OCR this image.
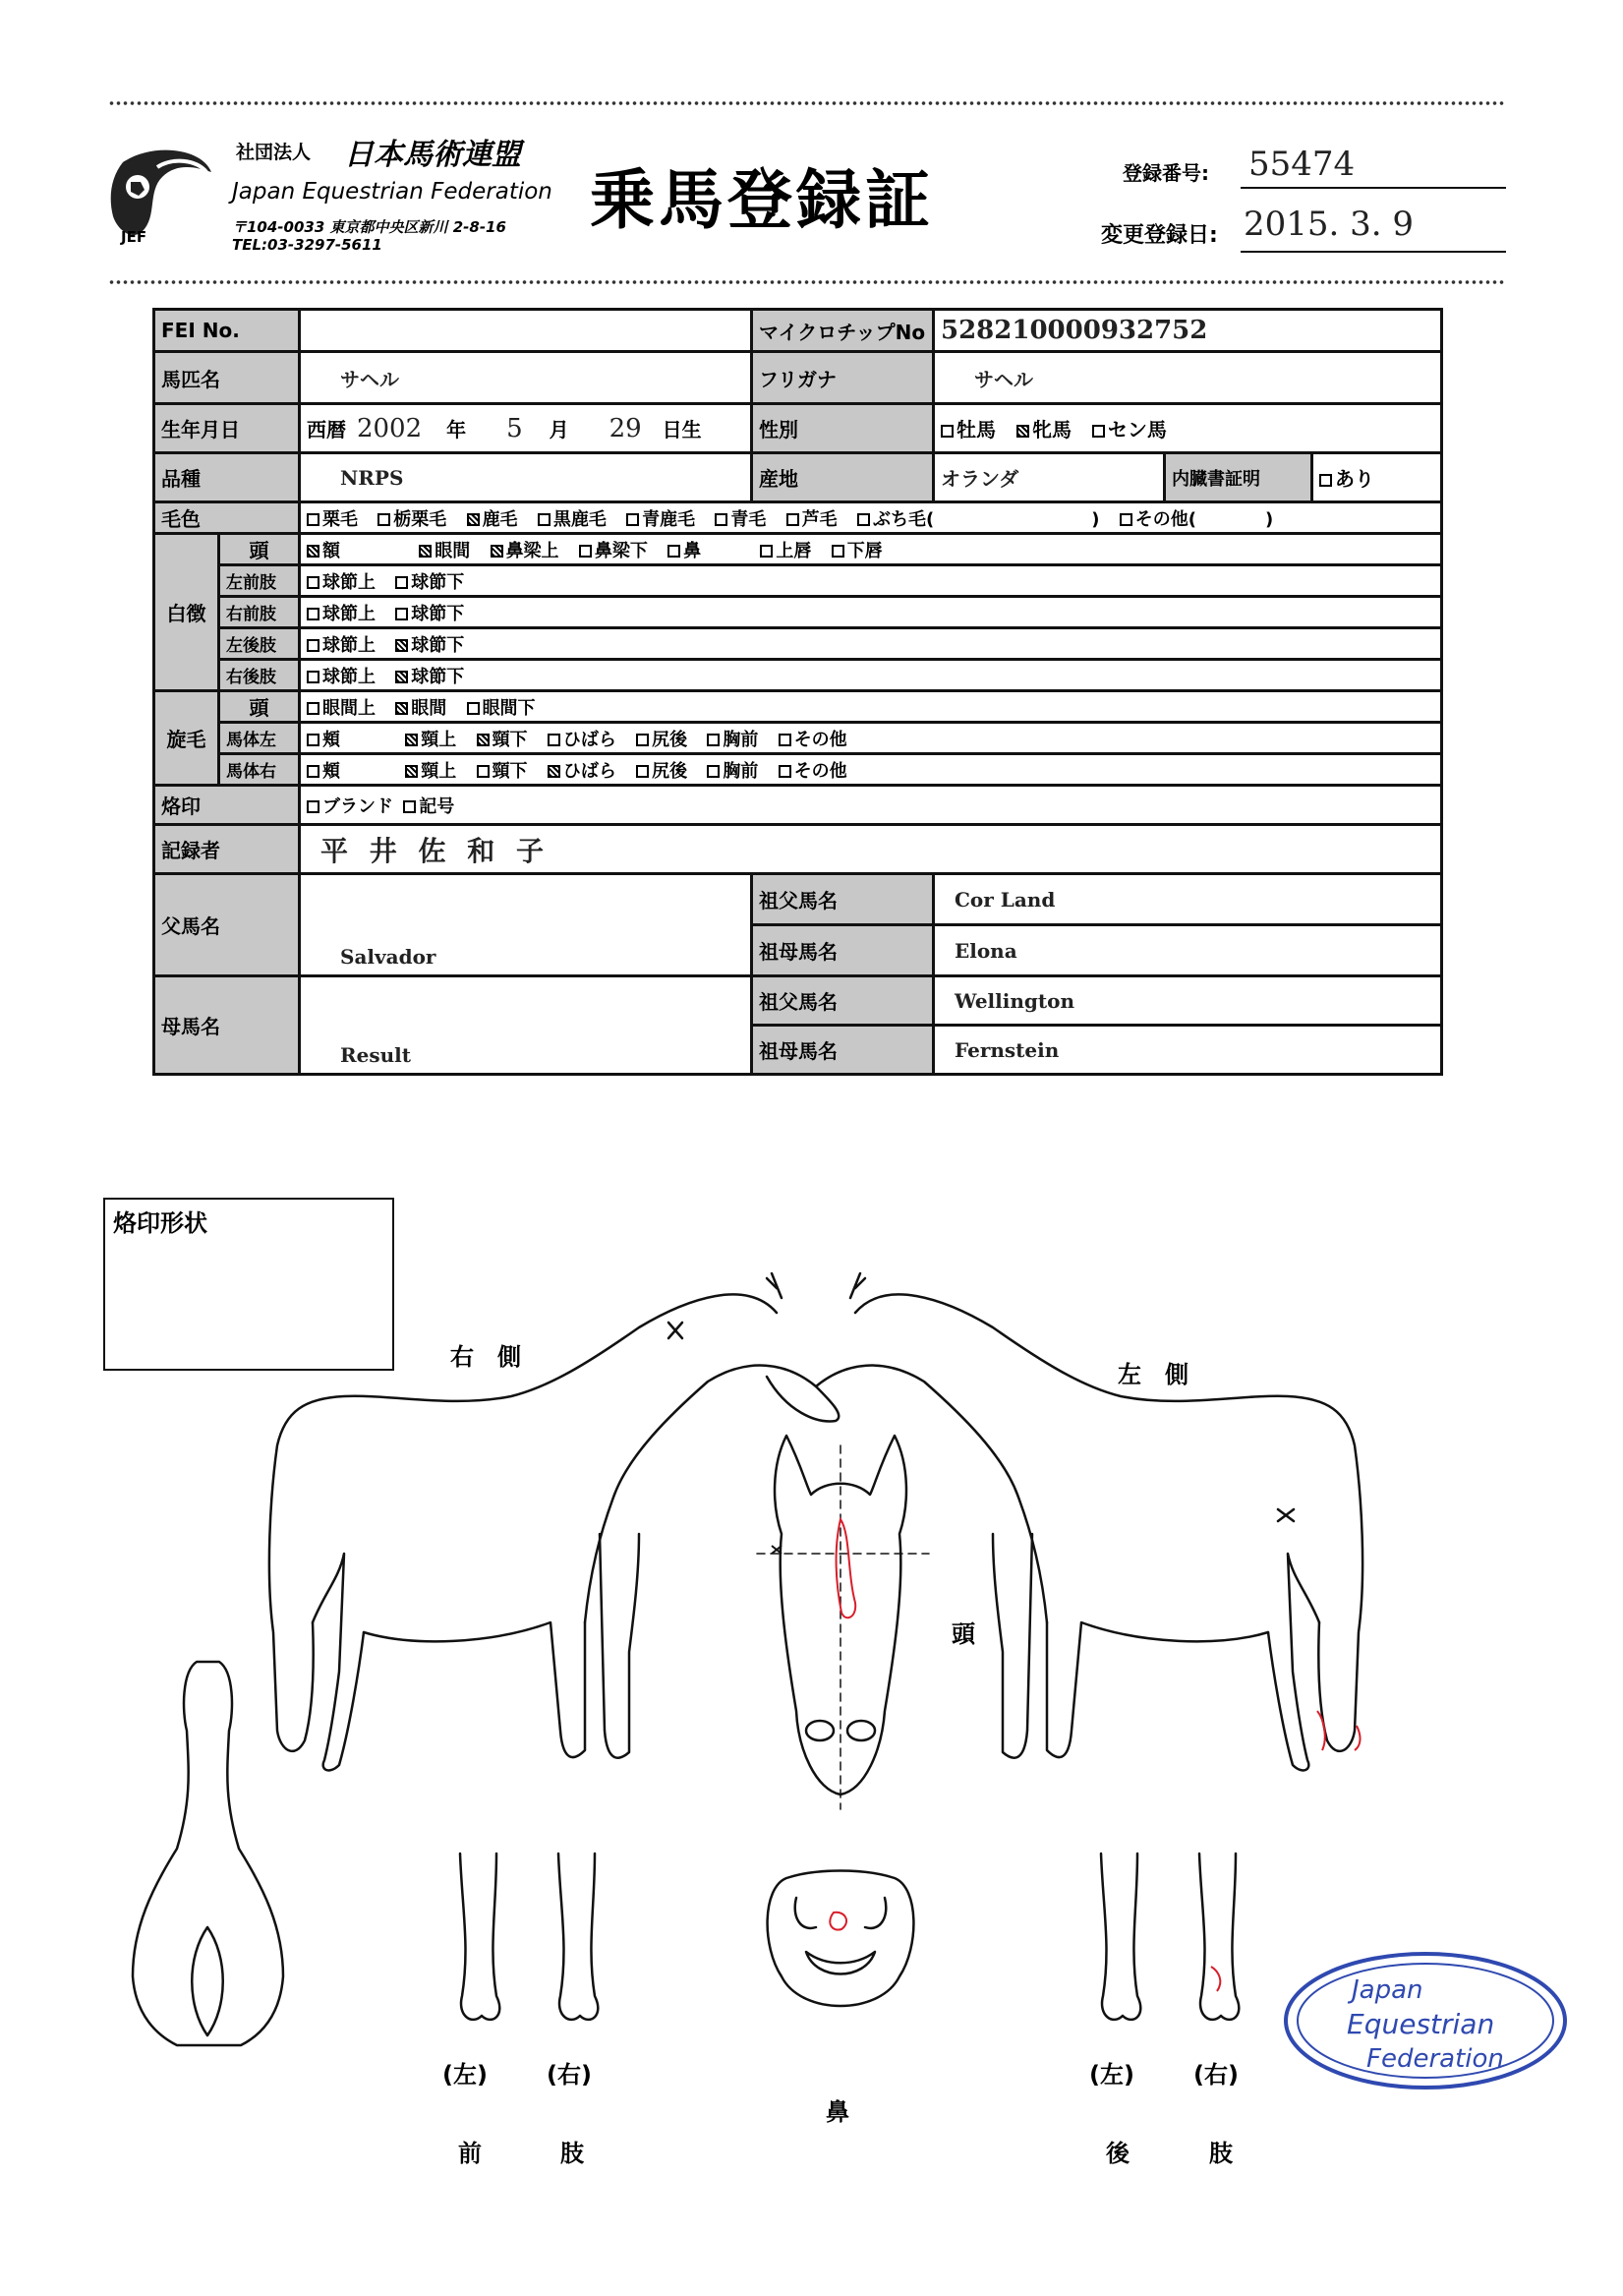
JEF
社団法人 日本馬術連盟
Japan Equestrian Federation
〒104-0033 東京都中央区新川 2-8-16
TEL:03-3297-5611
乗馬登録証	登録番号: 55474
変更登録日: 2015. 3. 9
FEI No.			マイクロチップNo	528210000932752		
馬匹名		サヘル	フリガナ	サヘル		
生年月日		西暦 2002 年 5 月 29 日生	性別	牡馬 牝馬 セン馬		
品種		NRPS	産地	オランダ	内臓書証明	あり
毛色		栗毛 栃栗毛 鹿毛 黒鹿毛 青鹿毛 青毛 芦毛 ぶち毛( ) その他( )				
白徴	頭	額 眼間 鼻梁上 鼻梁下 鼻 上唇 下唇				
	左前肢	球節上 球節下				
	右前肢	球節上 球節下				
	左後肢	球節上 球節下				
	右後肢	球節上 球節下				
旋毛	頭	眼間上 眼間 眼間下				
	馬体左	頬 頸上 頸下 ひばら 尻後 胸前 その他				
	馬体右	頬 頸上 頸下 ひばら 尻後 胸前 その他				
烙印		ブランド 記号				
記録者		平 井 佐 和 子				
父馬名		Salvador	祖父馬名	Cor Land		
			祖母馬名	Elona		
母馬名		Result	祖父馬名	Wellington		
			祖母馬名	Fernstein		
烙印形状
右　側
左　側
頭
鼻
(左)	(右)
前	肢
(左)	(右)
後	肢
Japan
Equestrian
Federation
